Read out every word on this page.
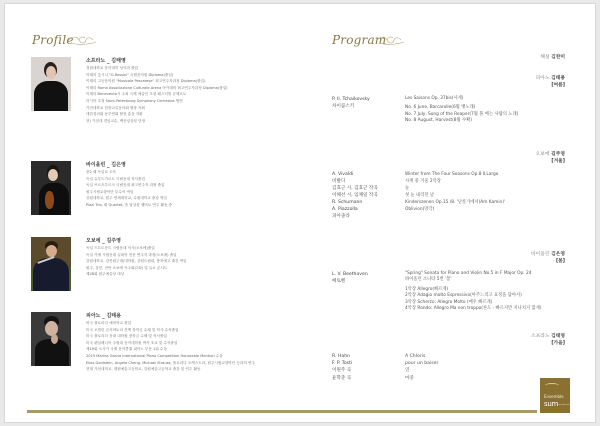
Profile	Program
소프라노 _ 김태영
경원대학교 음악대학 성악과 졸업
이태리 롯시니 "G.Rossini" 국립음악원 Diploma(졸업)
이태리 고등음악원 "Musicale Pescarese" 최고연주자과정 Diploma(졸업)
이태리 Roma Associazione Culturale Arena 아카데미 최고연주자과정 Diploma(졸업)
이태리 Benevento시 주최 국제 예술인 초청 페스티벌 콘체르토
러시아 초청 Saint-Petersburg Symphony Orchestra 협연
가천대학교 한중교류음악회 합창 지휘
대한검의회 동부연회 합창 총음 지휘
현) 가천대 겸임교수, 백운앙상블 단장
바이올린 _ 김은영
중2 때 독일로 도독
독일 슈투트가르트 국립음대 석사졸업
독일 브르츠부르크 국립음대 최고연주자 과정 졸업
원주시립교향악단 부수석 역임
강원대학교, 원주 연세대학교, 수원대학교 출강 역임
Piazi Trio, 휘 Quartet, 솜 앙상블 멤버로 연주 활동 중
오보에 _ 길주영
독일 드트트문트 국립음대 석사(오보에)졸업
독일 카셀 시립음대 실내악 전문 연주자 과정(오보에) 졸업
강원대학교, 강릉원주대/대학원, 강원도립대, 충북예고 출강 역임
원주, 강릉, 천안 오보에 독주회(7회) 및 듀오 콘서트
제28회 원주예술상 대상
피아노 _ 김태용
미국 플로리다 예비학교 졸업
미국 오벌린 콘서바토리 전액 장학금 수혜 및 학사 수석졸업
미국 플로리다 음대 대학원 장학금 수혜 및 석사졸업
미국 펜실베니아 주립대 음악대학원 박사 조교 및 수석졸업
제19회 오사카 국제 음악콩쿨 피아노 부문 1위 수상
2019 Marina Garcia International Piano Competition Honorable Mention 수상
Elias Goldstein, Angela Cheng, Michael Strauss, 플로리다 오케스트라, 원주시립교향악단 등과의 연주
현재 가천대학교, 계원예술고등학교, 강원예술고등학교 출강 및 연주 활동
해설 김찬미
피아노 김태용
[여름]
P. Il. Tchaikovsky
차이콥스키
Les Saisons Op. 37bis(사계)
No. 6 June, Barcarolle(6월 뱃노래)
No. 7 July, Song of the Reaper(7월 풀 베는 사람의 노래)
No. 8 August, Harvest(8월 수확)
오보에 길주영
[겨울]
A. Vivaldi
비발디
김효근 시, 김효근 작곡
이해선 시, 임채일 작곡
R. Schumann
A. Piazzolla
피아졸라
Winter from The Four Seasons Op.8 Ⅱ.Largo
사계 중 겨울 2악장
눈
첫 눈 내리던 날
Kinderszenen Op.15 /8. '난롯가에서(Am Kamin)'
Oblivion(망각)
바이올린 김은영
[봄]
L. V. Beethoven
베토벤
"Spring" Sonata for Piano and Violin No.5 in F Major Op. 24
바이올린 소나타 5번 '봄'
1악장 Allegro(빠르게)
2악장 Adagio molto Espressivo(아주느리고 표정을 담아서)
3악장 Scherzo: Allegro Molto (매우 빠르게)
4악장 Rondo: Allegro Ma non troppo(론도 - 빠르지만 지나치지 않게)
소프라노 김태영
[가을]
R. Hahn
F. P. Tosti
이원주 곡
윤학준 곡
A Chloris
pour un baiser
연
마중
Ensemble
sum ensemble sum
